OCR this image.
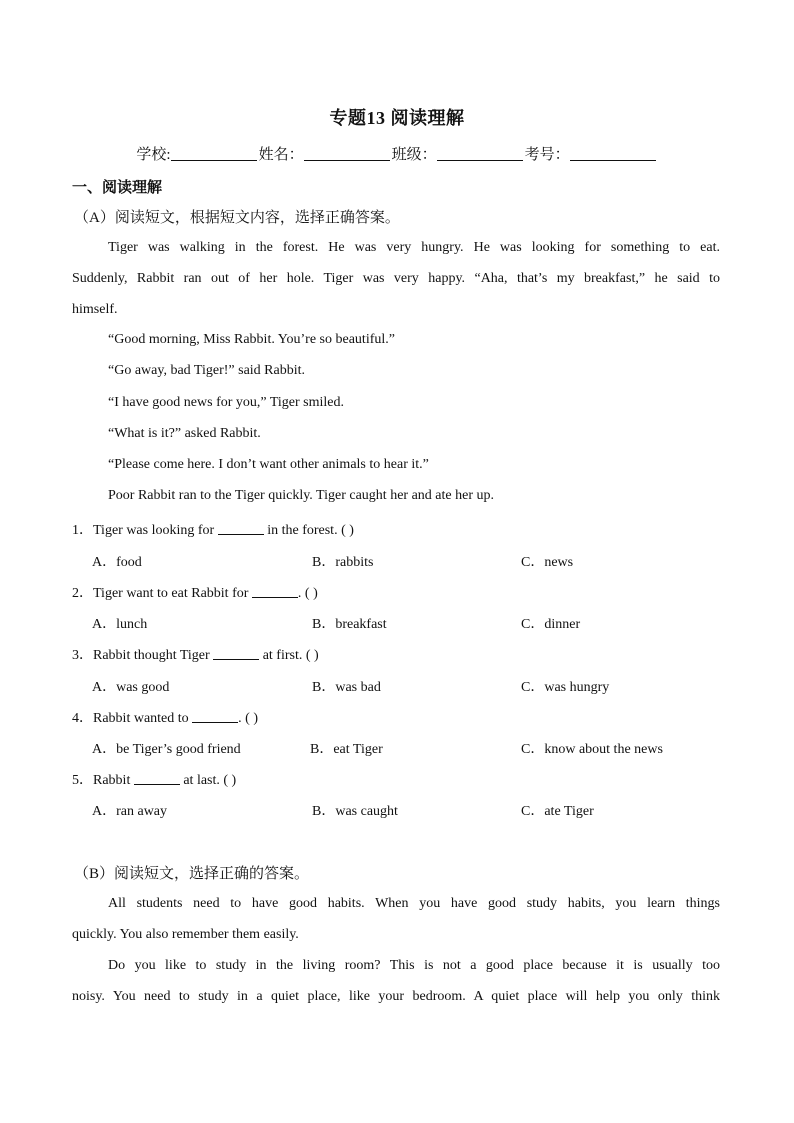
专题13 阅读理解
学校:	姓名：	班级：	考号：
一、阅读理解
（A）阅读短文，根据短文内容，选择正确答案。
Tiger was walking in the forest. He was very hungry. He was looking for something to eat.
Suddenly, Rabbit ran out of her hole. Tiger was very happy. “Aha, that’s my breakfast,” he said to
himself.
“Good morning, Miss Rabbit. You’re so beautiful.”
“Go away, bad Tiger!” said Rabbit.
“I have good news for you,” Tiger smiled.
“What is it?” asked Rabbit.
“Please come here. I don’t want other animals to hear it.”
Poor Rabbit ran to the Tiger quickly. Tiger caught her and ate her up.
1．Tiger was looking for	in the forest. ( )
A．food	B．rabbits	C．news
2．Tiger want to eat Rabbit for	. ( )
A．lunch	B．breakfast	C．dinner
3．Rabbit thought Tiger	at first. ( )
A．was good	B．was bad	C．was hungry
4．Rabbit wanted to	. ( )
A．be Tiger’s good friend	B．eat Tiger	C．know about the news
5．Rabbit	at last. ( )
A．ran away	B．was caught	C．ate Tiger
（B）阅读短文，选择正确的答案。
All students need to have good habits. When you have good study habits, you learn things
quickly. You also remember them easily.
Do you like to study in the living room? This is not a good place because it is usually too
noisy. You need to study in a quiet place, like your bedroom. A quiet place will help you only think
